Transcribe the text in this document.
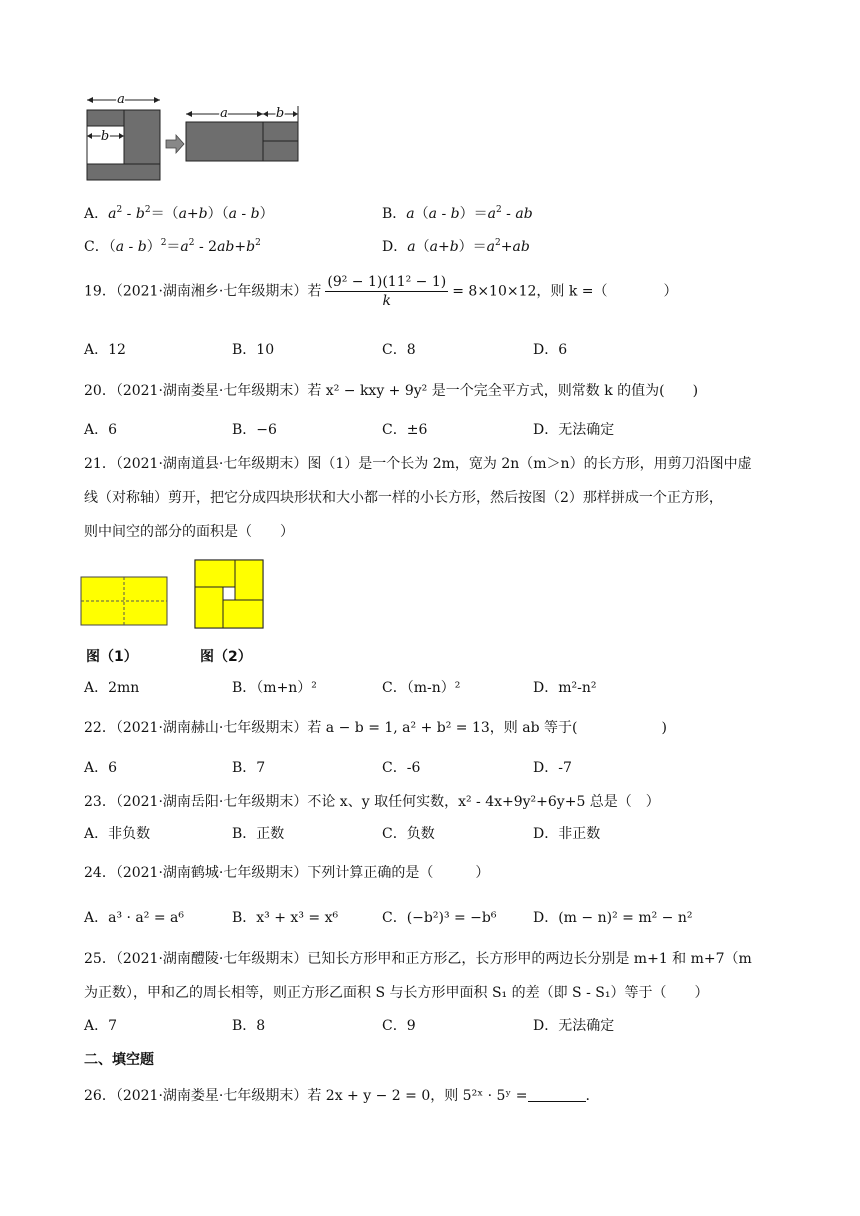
a
b
a	b
A．$a^2$ ‑ $b^2=(a+b)(a$ ‑ b）	B．a（a ‑ $b)=a^2$ ‑ ab
C．（a ‑ $b)^2=a^2$ ‑ $2ab+b^2$	D．$a(a+b)=a^2+ab$
19．（2021·湖南湘乡·七年级期末）若 $\frac{\text{(9² − 1)(11² − 1)}}{k} = 8\times 10\times 12$，则 k =（　　　　）
A．12	B．10	C．8	D．6
20．（2021·湖南娄星·七年级期末）若 x² − kxy + 9y² 是一个完全平方式，则常数 k 的值为(　　)
A．6	B．−6	C．±6	D．无法确定
21．（2021·湖南道县·七年级期末）图（1）是一个长为 2m，宽为 2n（m＞n）的长方形，用剪刀沿图中虚
线（对称轴）剪开，把它分成四块形状和大小都一样的小长方形，然后按图（2）那样拼成一个正方形，
则中间空的部分的面积是（　　）
图（1）	图（2）
A．2mn	B．（m+n）²	C．（m-n）²	D．m²-n²
22．（2021·湖南赫山·七年级期末）若 a − b = 1, a² + b² = 13，则 ab 等于(　　　　　　)
A．6	B．7	C．-6	D．-7
23．（2021·湖南岳阳·七年级期末）不论 x、y 取任何实数，x² ‑ 4x+9y²+6y+5 总是（　）
A．非负数	B．正数	C．负数	D．非正数
24．（2021·湖南鹤城·七年级期末）下列计算正确的是（　　　）
A．a³ · a² = a⁶	B．x³ + x³ = x⁶	C．(−b²)³ = −b⁶	D．(m − n)² = m² − n²
25．（2021·湖南醴陵·七年级期末）已知长方形甲和正方形乙，长方形甲的两边长分别是 m+1 和 m+7（m
为正数），甲和乙的周长相等，则正方形乙面积 S 与长方形甲面积 S₁ 的差（即 S ‑ S₁）等于（　　）
A．7	B．8	C．9	D．无法确定
二、填空题
26．（2021·湖南娄星·七年级期末）若 2x + y − 2 = 0，则 5²ˣ · 5ʸ =	.
